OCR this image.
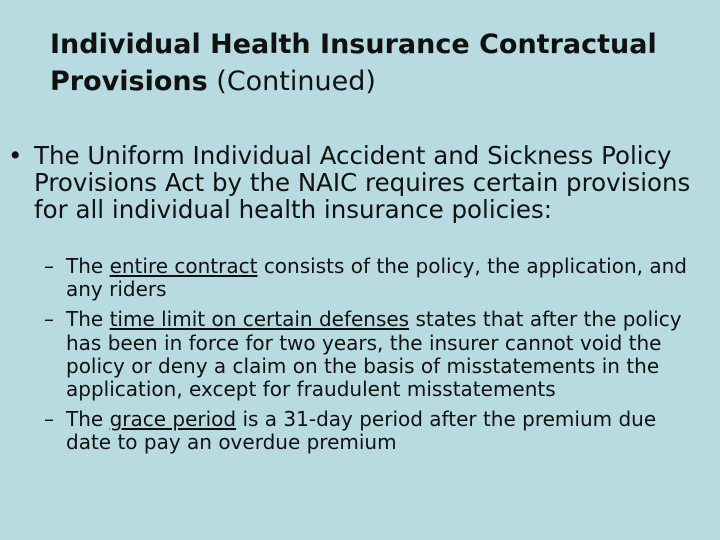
Individual Health Insurance Contractual Provisions (Continued)
• The Uniform Individual Accident and Sickness Policy Provisions Act by the NAIC requires certain provisions for all individual health insurance policies:
– The entire contract consists of the policy, the application, and any riders
– The time limit on certain defenses states that after the policy has been in force for two years, the insurer cannot void the policy or deny a claim on the basis of misstatements in the application, except for fraudulent misstatements
– The grace period is a 31-day period after the premium due date to pay an overdue premium
